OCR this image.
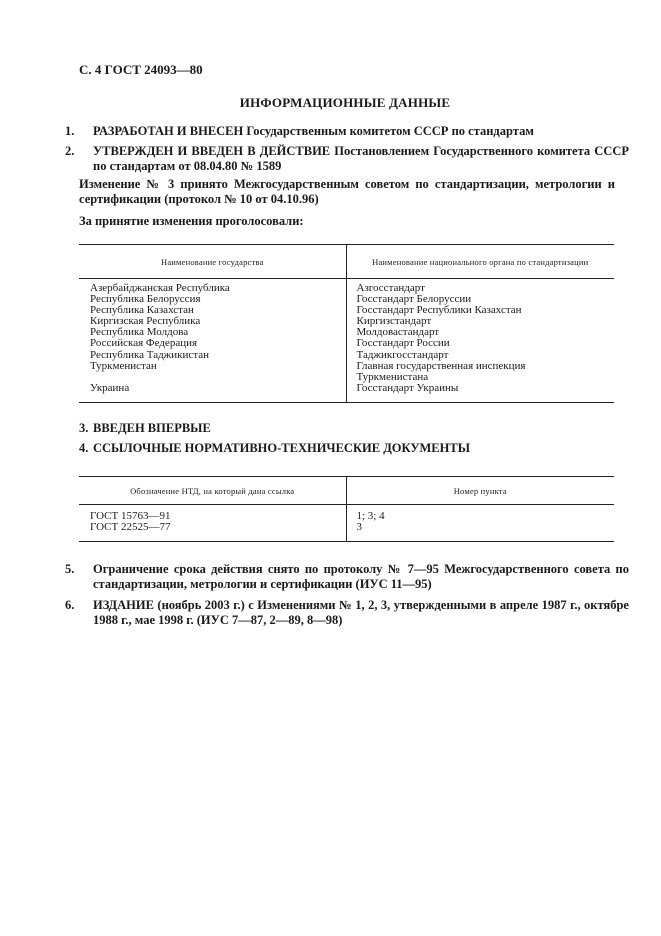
С. 4 ГОСТ 24093—80
ИНФОРМАЦИОННЫЕ ДАННЫЕ
1. РАЗРАБОТАН И ВНЕСЕН Государственным комитетом СССР по стандартам
2. УТВЕРЖДЕН И ВВЕДЕН В ДЕЙСТВИЕ Постановлением Государственного комитета СССР по стандартам от 08.04.80 № 1589
Изменение № 3 принято Межгосударственным советом по стандартизации, метрологии и сертификации (протокол № 10 от 04.10.96)
За принятие изменения проголосовали:
Наименование государства	Наименование национального органа по стандартизации
Азербайджанская Республика
Республика Белоруссия
Республика Казахстан
Киргизская Республика
Республика Молдова
Российская Федерация
Республика Таджикистан
Туркменистан
Украина
Азгосстандарт
Госстандарт Белоруссии
Госстандарт Республики Казахстан
Киргизстандарт
Молдовастандарт
Госстандарт России
Таджикгосстандарт
Главная государственная инспекция
Туркменистана
Госстандарт Украины
3. ВВЕДЕН ВПЕРВЫЕ
4. ССЫЛОЧНЫЕ НОРМАТИВНО-ТЕХНИЧЕСКИЕ ДОКУМЕНТЫ
Обозначение НТД, на который дана ссылка	Номер пункта
ГОСТ 15763—91
ГОСТ 22525—77
1; 3; 4
3
5. Ограничение срока действия снято по протоколу № 7—95 Межгосударственного совета по стандартизации, метрологии и сертификации (ИУС 11—95)
6. ИЗДАНИЕ (ноябрь 2003 г.) с Изменениями № 1, 2, 3, утвержденными в апреле 1987 г., октябре 1988 г., мае 1998 г. (ИУС 7—87, 2—89, 8—98)
